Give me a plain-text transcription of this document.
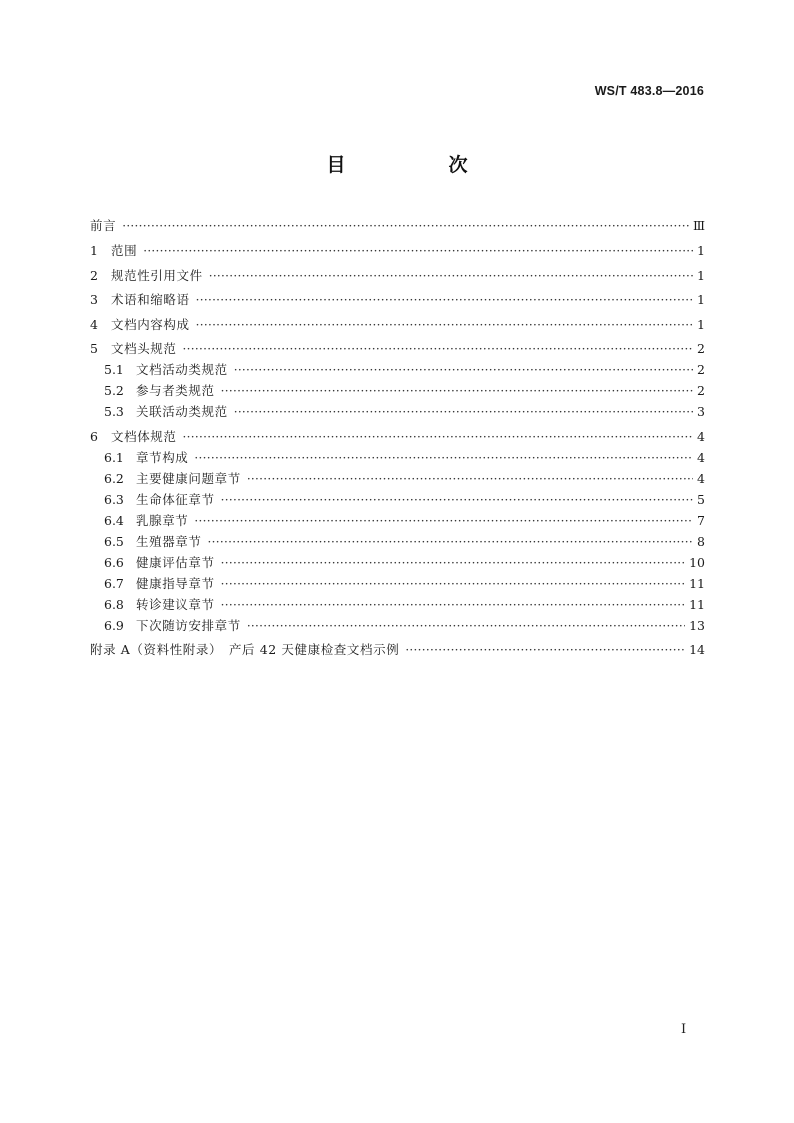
WS/T 483.8—2016
目　次
前言 ·····	Ⅲ
1	范围 ·····	1
2	规范性引用文件 ·····	1
3	术语和缩略语 ·····	1
4	文档内容构成 ·····	1
5	文档头规范 ·····	2
5.1 文档活动类规范 ·····	2
5.2 参与者类规范 ·····	2
5.3 关联活动类规范 ·····	3
6	文档体规范 ·····	4
6.1 章节构成 ·····	4
6.2 主要健康问题章节 ·····	4
6.3 生命体征章节 ·····	5
6.4 乳腺章节 ·····	7
6.5 生殖器章节 ·····	8
6.6 健康评估章节 ·····	10
6.7 健康指导章节 ·····	11
6.8 转诊建议章节 ·····	11
6.9 下次随访安排章节 ·····	13
附录 A（资料性附录）　产后 42 天健康检查文档示例 ·····	14
Ⅰ
